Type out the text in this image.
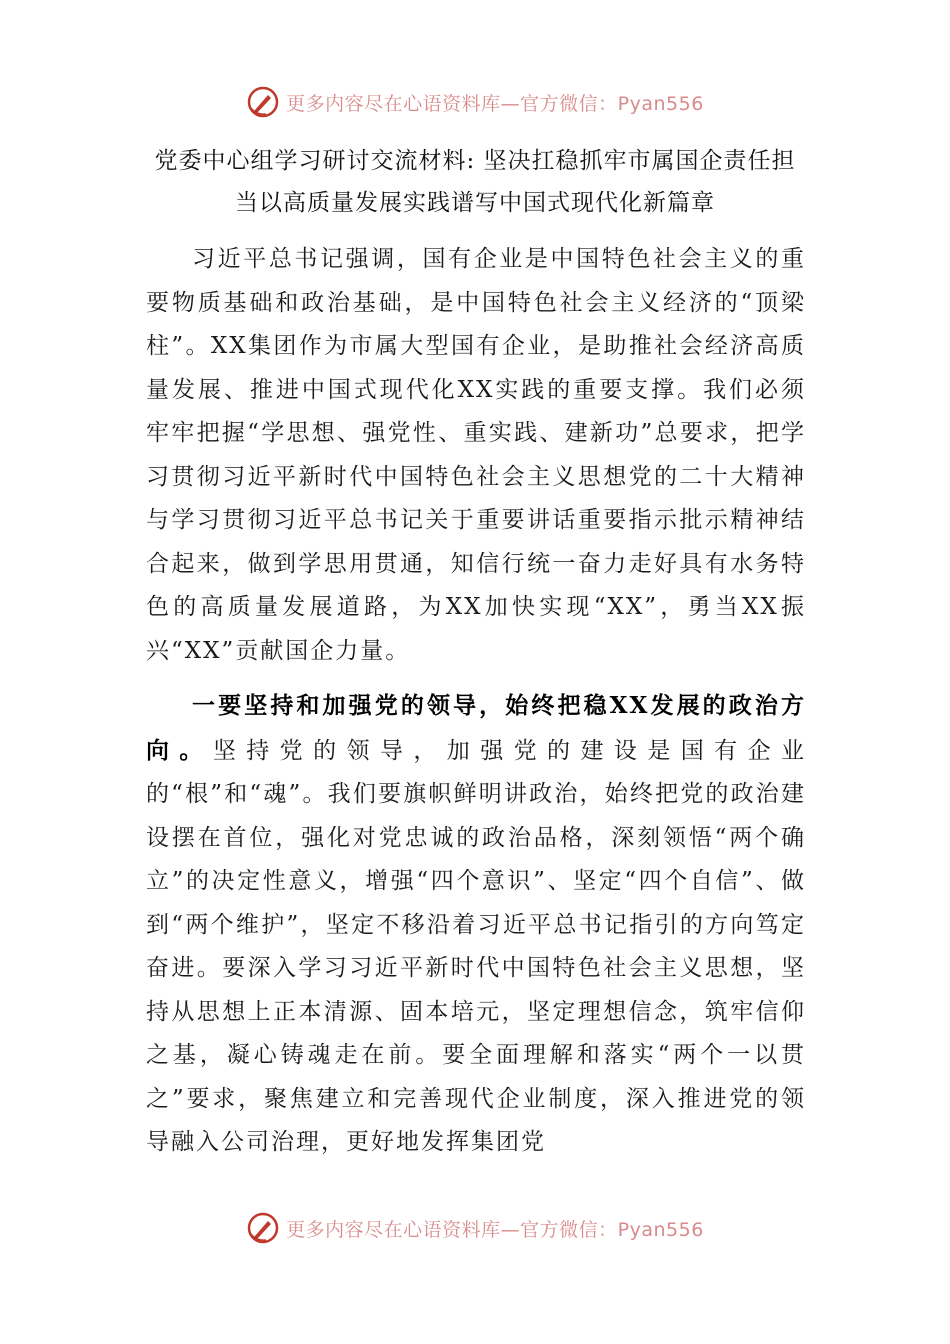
更多内容尽在心语资料库—官方微信：Pyan556
党委中心组学习研讨交流材料: 坚决扛稳抓牢市属国企责任担
当以高质量发展实践谱写中国式现代化新篇章

习近平总书记强调，国有企业是中国特色社会主义的重要物质基础和政治基础，是中国特色社会主义经济的“顶梁柱”。XX集团作为市属大型国有企业，是助推社会经济高质量发展、推进中国式现代化XX实践的重要支撑。我们必须牢牢把握“学思想、强党性、重实践、建新功”总要求，把学习贯彻习近平新时代中国特色社会主义思想党的二十大精神与学习贯彻习近平总书记关于重要讲话重要指示批示精神结合起来，做到学思用贯通，知信行统一奋力走好具有水务特色的高质量发展道路，为XX加快实现“XX”，勇当XX振兴“XX”贡献国企力量。

一要坚持和加强党的领导，始终把稳XX发展的政治方向。坚持党的领导，加强党的建设是国有企业的“根”和“魂”。我们要旗帜鲜明讲政治，始终把党的政治建设摆在首位，强化对党忠诚的政治品格，深刻领悟“两个确立”的决定性意义，增强“四个意识”、坚定“四个自信”、做到“两个维护”，坚定不移沿着习近平总书记指引的方向笃定奋进。要深入学习习近平新时代中国特色社会主义思想，坚持从思想上正本清源、固本培元，坚定理想信念，筑牢信仰之基，凝心铸魂走在前。要全面理解和落实“两个一以贯之”要求，聚焦建立和完善现代企业制度，深入推进党的领导融入公司治理，更好地发挥集团党

更多内容尽在心语资料库—官方微信：Pyan556
